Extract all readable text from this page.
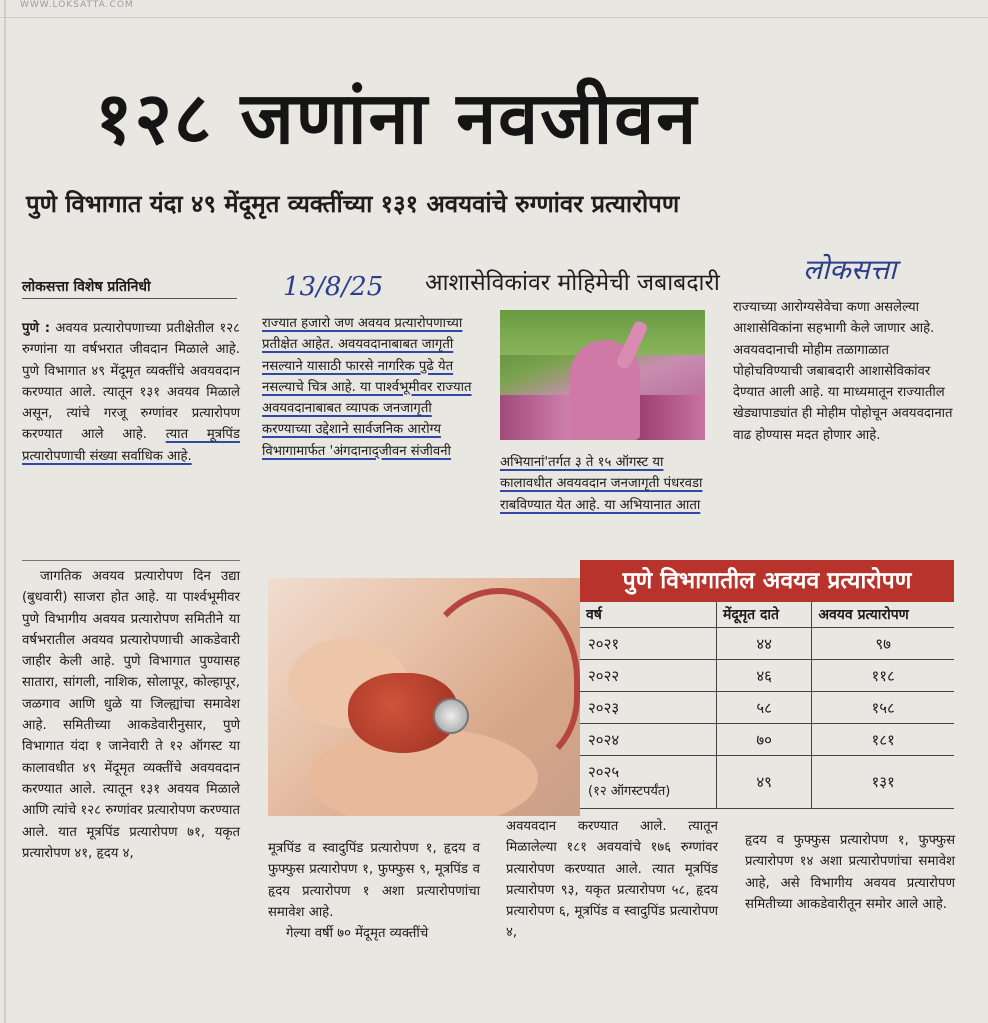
WWW.LOKSATTA.COM
१२८ जणांना नवजीवन
पुणे विभागात यंदा ४९ मेंदूमृत व्यक्तींच्या १३१ अवयवांचे रुग्णांवर प्रत्यारोपण
लोकसत्ता विशेष प्रतिनिधी	13/8/25 आशासेविकांवर मोहिमेची जबाबदारी	लोकसत्ता

पुणे : अवयव प्रत्यारोपणाच्या प्रतीक्षेतील १२८ रुग्णांना या वर्षभरात जीवदान मिळाले आहे. पुणे विभागात ४९ मेंदूमृत व्यक्तींचे अवयवदान करण्यात आले. त्यातून १३१ अवयव मिळाले असून, त्यांचे गरजू रुग्णांवर प्रत्यारोपण करण्यात आले आहे. त्यात मूत्रपिंड प्रत्यारोपणाची संख्या सर्वाधिक आहे.

जागतिक अवयव प्रत्यारोपण दिन उद्या (बुधवारी) साजरा होत आहे. या पार्श्वभूमीवर पुणे विभागीय अवयव प्रत्यारोपण समितीने या वर्षभरातील अवयव प्रत्यारोपणाची आकडेवारी जाहीर केली आहे. पुणे विभागात पुण्यासह सातारा, सांगली, नाशिक, सोलापूर, कोल्हापूर, जळगाव आणि धुळे या जिल्ह्यांचा समावेश आहे. समितीच्या आकडेवारीनुसार, पुणे विभागात यंदा १ जानेवारी ते १२ ऑगस्ट या कालावधीत ४९ मेंदूमृत व्यक्तींचे अवयवदान करण्यात आले. त्यातून १३१ अवयव मिळाले आणि त्यांचे १२८ रुग्णांवर प्रत्यारोपण करण्यात आले. यात मूत्रपिंड प्रत्यारोपण ७१, यकृत प्रत्यारोपण ४१, हृदय ४,

राज्यात हजारो जण अवयव प्रत्यारोपणाच्या प्रतीक्षेत आहेत. अवयवदानाबाबत जागृती नसल्याने यासाठी फारसे नागरिक पुढे येत नसल्याचे चित्र आहे. या पार्श्वभूमीवर राज्यात अवयवदानाबाबत व्यापक जनजागृती करण्याच्या उद्देशाने सार्वजनिक आरोग्य विभागामार्फत 'अंगदानाद्जीवन संजीवनी

अभियानां'तर्गत ३ ते १५ ऑगस्ट या कालावधीत अवयवदान जनजागृती पंधरवडा राबविण्यात येत आहे. या अभियानात आता

राज्याच्या आरोग्यसेवेचा कणा असलेल्या आशासेविकांना सहभागी केले जाणार आहे. अवयवदानाची मोहीम तळागाळात पोहोचविण्याची जबाबदारी आशासेविकांवर देण्यात आली आहे. या माध्यमातून राज्यातील खेड्यापाड्यांत ही मोहीम पोहोचून अवयवदानात वाढ होण्यास मदत होणार आहे.

पुणे विभागातील अवयव प्रत्यारोपण
वर्ष	मेंदूमृत दाते	अवयव प्रत्यारोपण
२०२१	४४	९७
२०२२	४६	११८
२०२३	५८	१५८
२०२४	७०	१८१
२०२५
(१२ ऑगस्टपर्यंत)	४९	१३१

मूत्रपिंड व स्वादुपिंड प्रत्यारोपण १, हृदय व फुफ्फुस प्रत्यारोपण १, फुफ्फुस ९, मूत्रपिंड व हृदय प्रत्यारोपण १ अशा प्रत्यारोपणांचा समावेश आहे.

गेल्या वर्षी ७० मेंदूमृत व्यक्तींचे

अवयवदान करण्यात आले. त्यातून मिळालेल्या १८१ अवयवांचे १७६ रुग्णांवर प्रत्यारोपण करण्यात आले. त्यात मूत्रपिंड प्रत्यारोपण ९३, यकृत प्रत्यारोपण ५८, हृदय प्रत्यारोपण ६, मूत्रपिंड व स्वादुपिंड प्रत्यारोपण ४,

हृदय व फुफ्फुस प्रत्यारोपण १, फुफ्फुस प्रत्यारोपण १४ अशा प्रत्यारोपणांचा समावेश आहे, असे विभागीय अवयव प्रत्यारोपण समितीच्या आकडेवारीतून समोर आले आहे.
